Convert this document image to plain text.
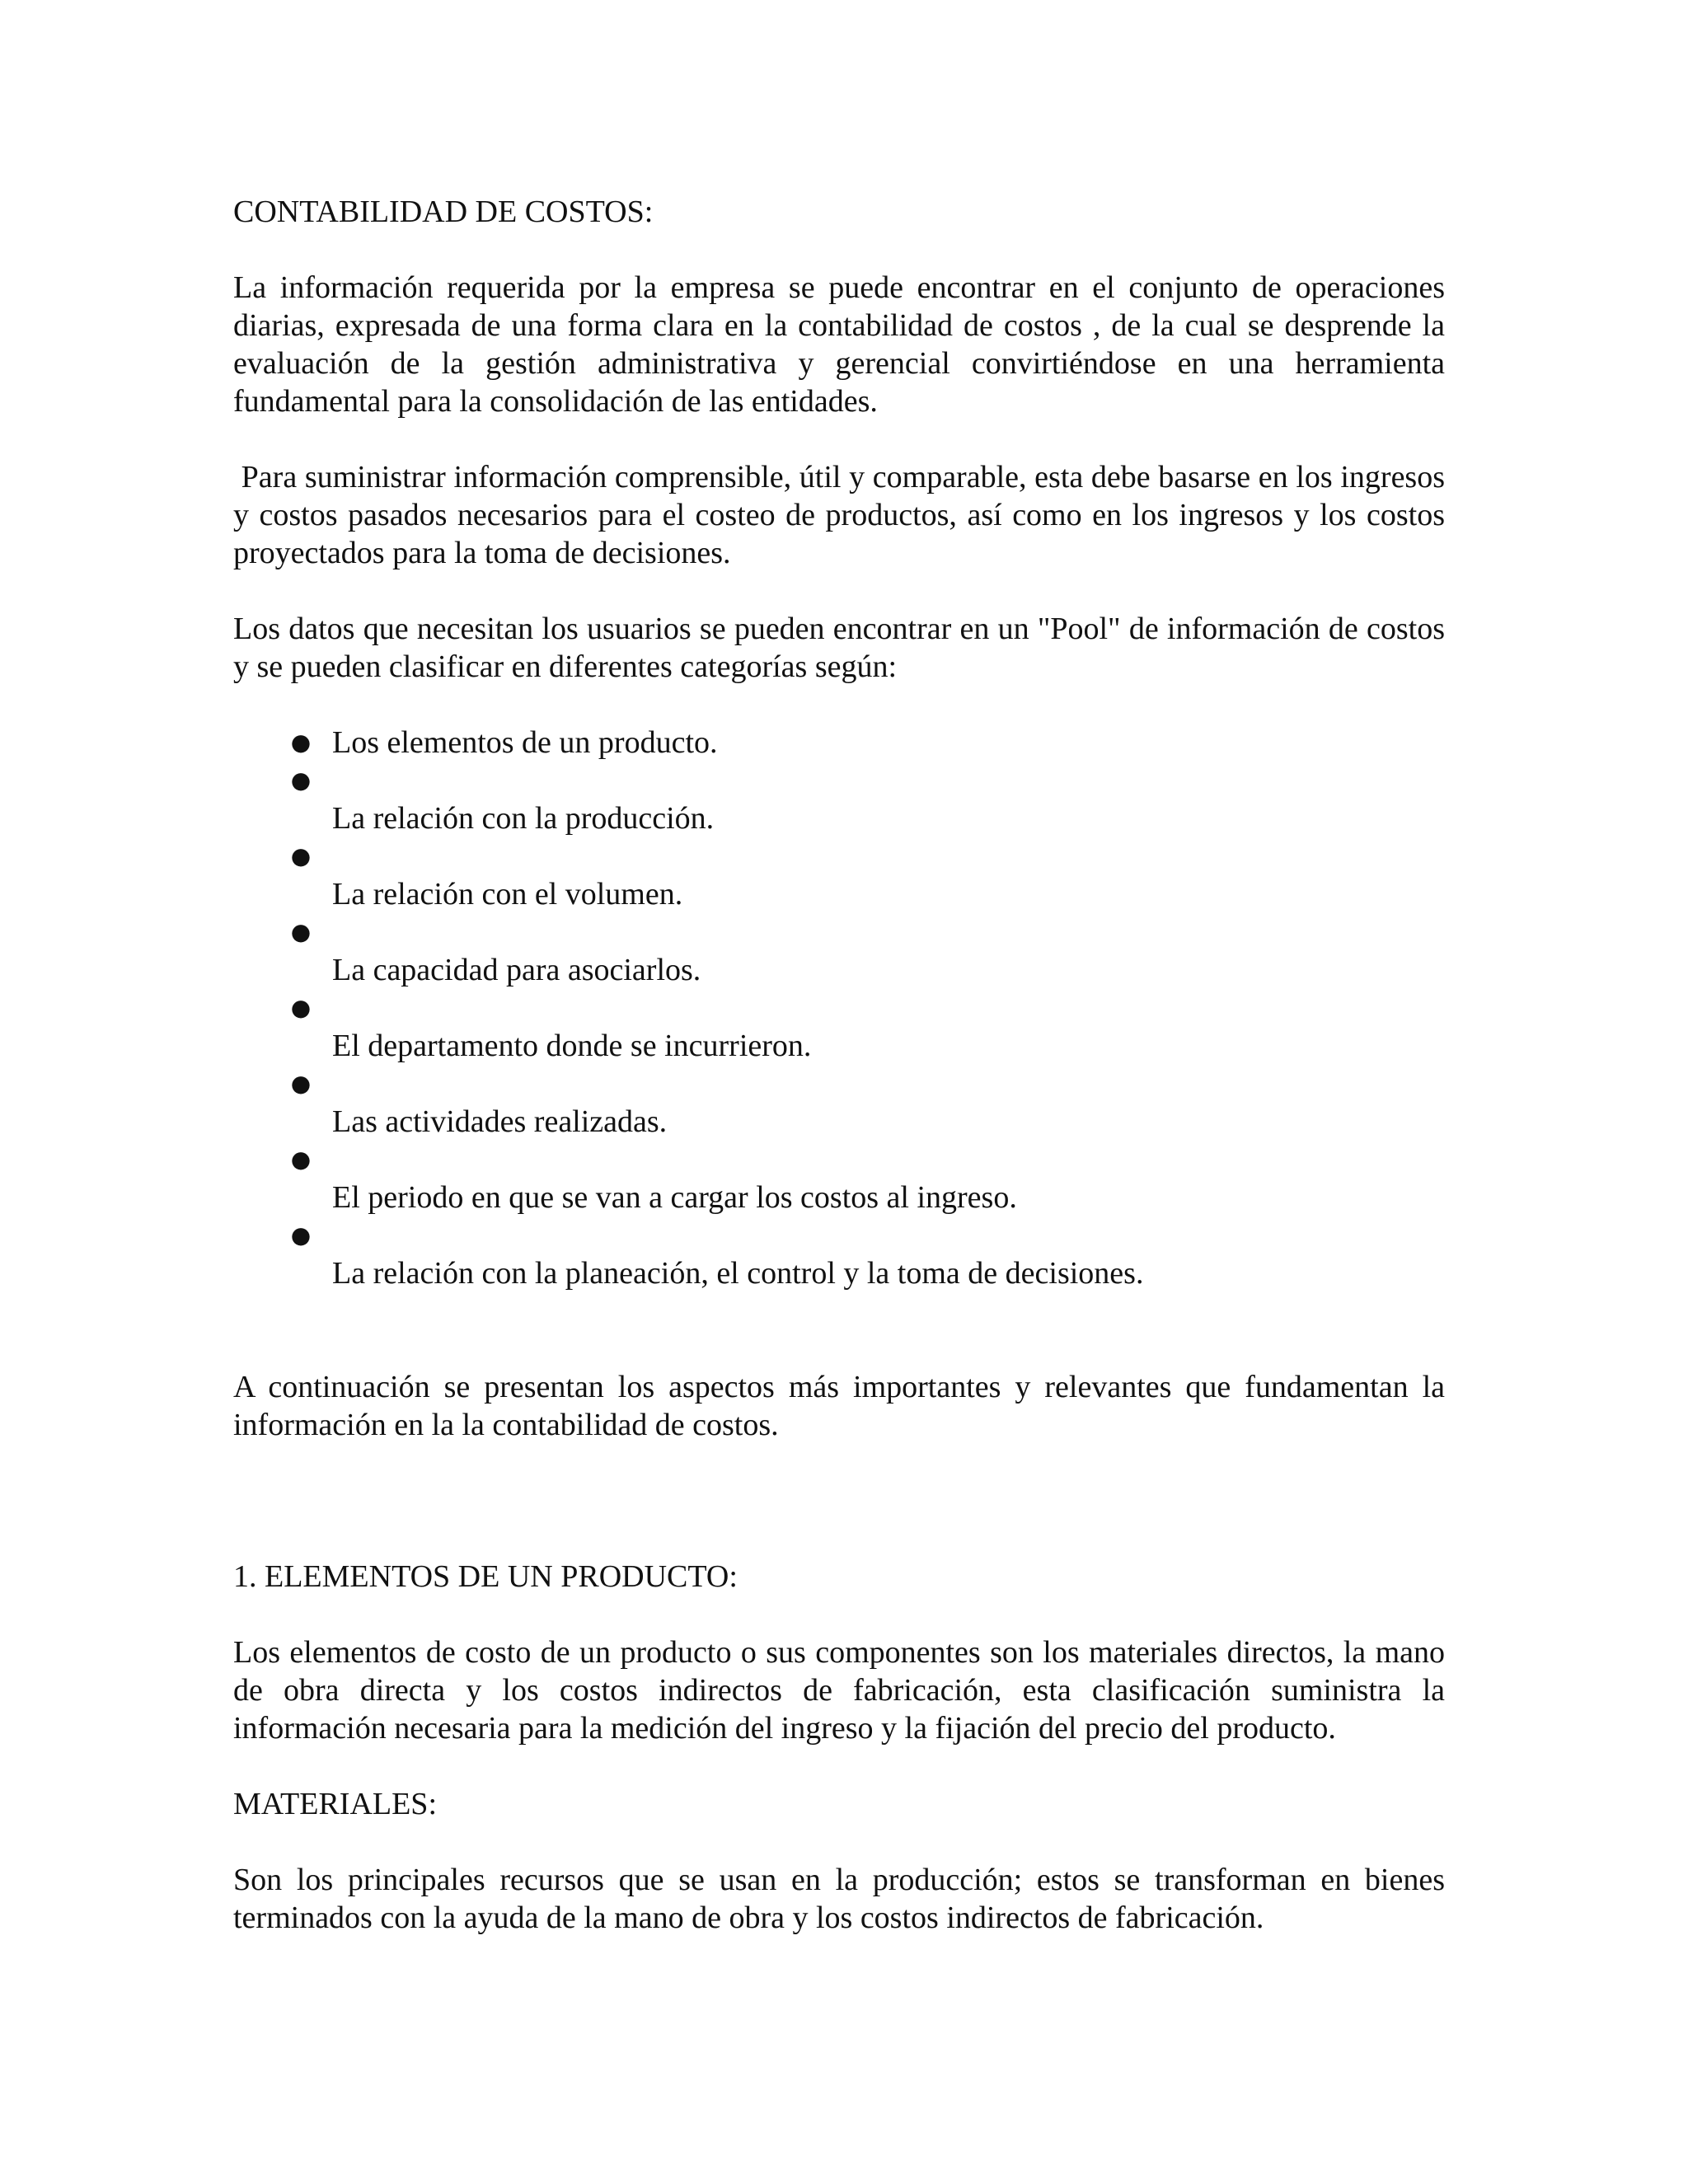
CONTABILIDAD DE COSTOS:

La información requerida por la empresa se puede encontrar en el conjunto de operaciones diarias, expresada de una forma clara en la contabilidad de costos , de la cual se desprende la evaluación de la gestión administrativa y gerencial convirtiéndose en una herramienta fundamental para la consolidación de las entidades.

Para suministrar información comprensible, útil y comparable, esta debe basarse en los ingresos y costos pasados necesarios para el costeo de productos, así como en los ingresos y los costos proyectados para la toma de decisiones.

Los datos que necesitan los usuarios se pueden encontrar en un "Pool" de información de costos y se pueden clasificar en diferentes categorías según:

● Los elementos de un producto.
●
La relación con la producción.
●
La relación con el volumen.
●
La capacidad para asociarlos.
●
El departamento donde se incurrieron.
●
Las actividades realizadas.
●
El periodo en que se van a cargar los costos al ingreso.
●
La relación con la planeación, el control y la toma de decisiones.

A continuación se presentan los aspectos más importantes y relevantes que fundamentan la información en la la contabilidad de costos.

1. ELEMENTOS DE UN PRODUCTO:

Los elementos de costo de un producto o sus componentes son los materiales directos, la mano de obra directa y los costos indirectos de fabricación, esta clasificación suministra la información necesaria para la medición del ingreso y la fijación del precio del producto.

MATERIALES:

Son los principales recursos que se usan en la producción; estos se transforman en bienes terminados con la ayuda de la mano de obra y los costos indirectos de fabricación.
